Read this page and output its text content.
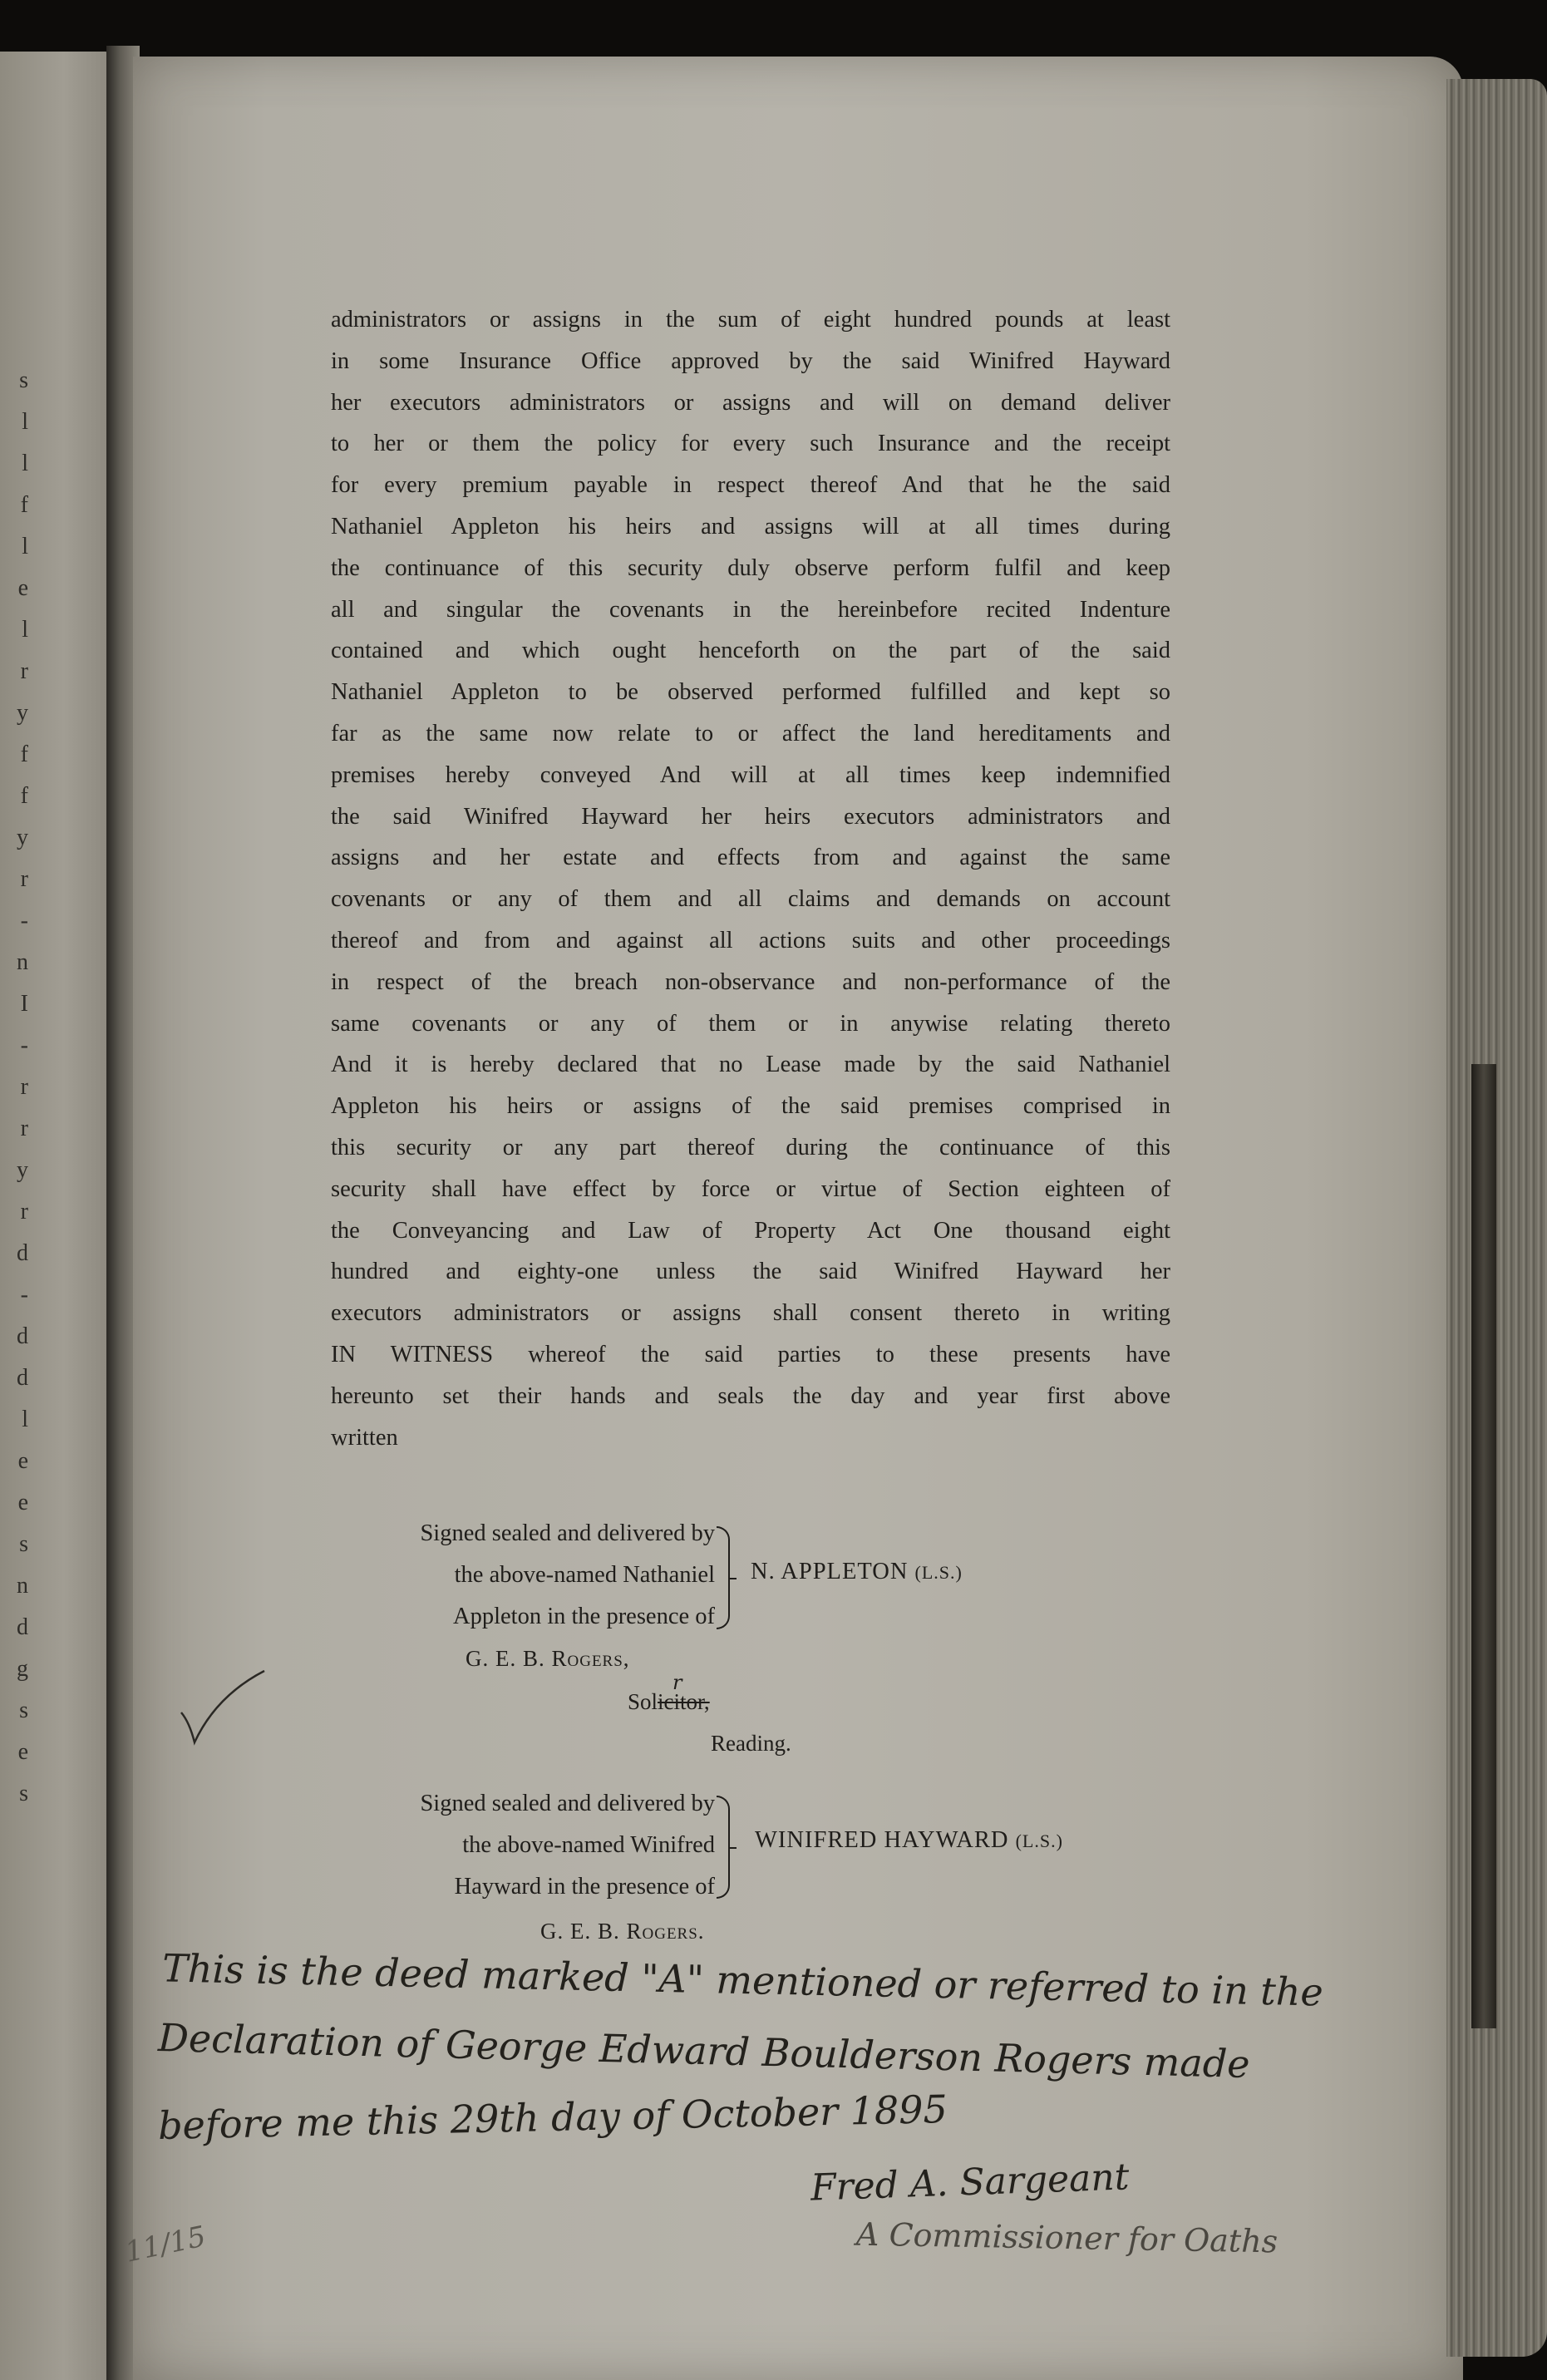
s
l
l
f
l
e
l
r
y
f
f
y
r
-
n
I
-
r
r
y
r
d
-
d
d
l
e
e
s
n
d
g
s
e
s
administrators or assigns in the sum of eight hundred pounds at least
in some Insurance Office approved by the said Winifred Hayward
her executors administrators or assigns and will on demand deliver
to her or them the policy for every such Insurance and the receipt
for every premium payable in respect thereof And that he the said
Nathaniel Appleton his heirs and assigns will at all times during
the continuance of this security duly observe perform fulfil and keep
all and singular the covenants in the hereinbefore recited Indenture
contained and which ought henceforth on the part of the said
Nathaniel Appleton to be observed performed fulfilled and kept so
far as the same now relate to or affect the land hereditaments and
premises hereby conveyed And will at all times keep indemnified
the said Winifred Hayward her heirs executors administrators and
assigns and her estate and effects from and against the same
covenants or any of them and all claims and demands on account
thereof and from and against all actions suits and other proceedings
in respect of the breach non-observance and non-performance of the
same covenants or any of them or in anywise relating thereto
And it is hereby declared that no Lease made by the said Nathaniel
Appleton his heirs or assigns of the said premises comprised in
this security or any part thereof during the continuance of this
security shall have effect by force or virtue of Section eighteen of
the Conveyancing and Law of Property Act One thousand eight
hundred and eighty-one unless the said Winifred Hayward her
executors administrators or assigns shall consent thereto in writing
IN WITNESS whereof the said parties to these presents have
hereunto set their hands and seals the day and year first above
written
Signed sealed and delivered by
the above-named Nathaniel
Appleton in the presence of
N. APPLETON (L.S.)
G. E. B. Rogers,
Solicitor,
r
Reading.
Signed sealed and delivered by
the above-named Winifred
Hayward in the presence of
WINIFRED HAYWARD (L.S.)
G. E. B. Rogers.
This is the deed marked "A" mentioned or referred to in the
Declaration of George Edward Boulderson Rogers made
before me this 29th day of October 1895
Fred A. Sargeant
A Commissioner for Oaths
11/15
